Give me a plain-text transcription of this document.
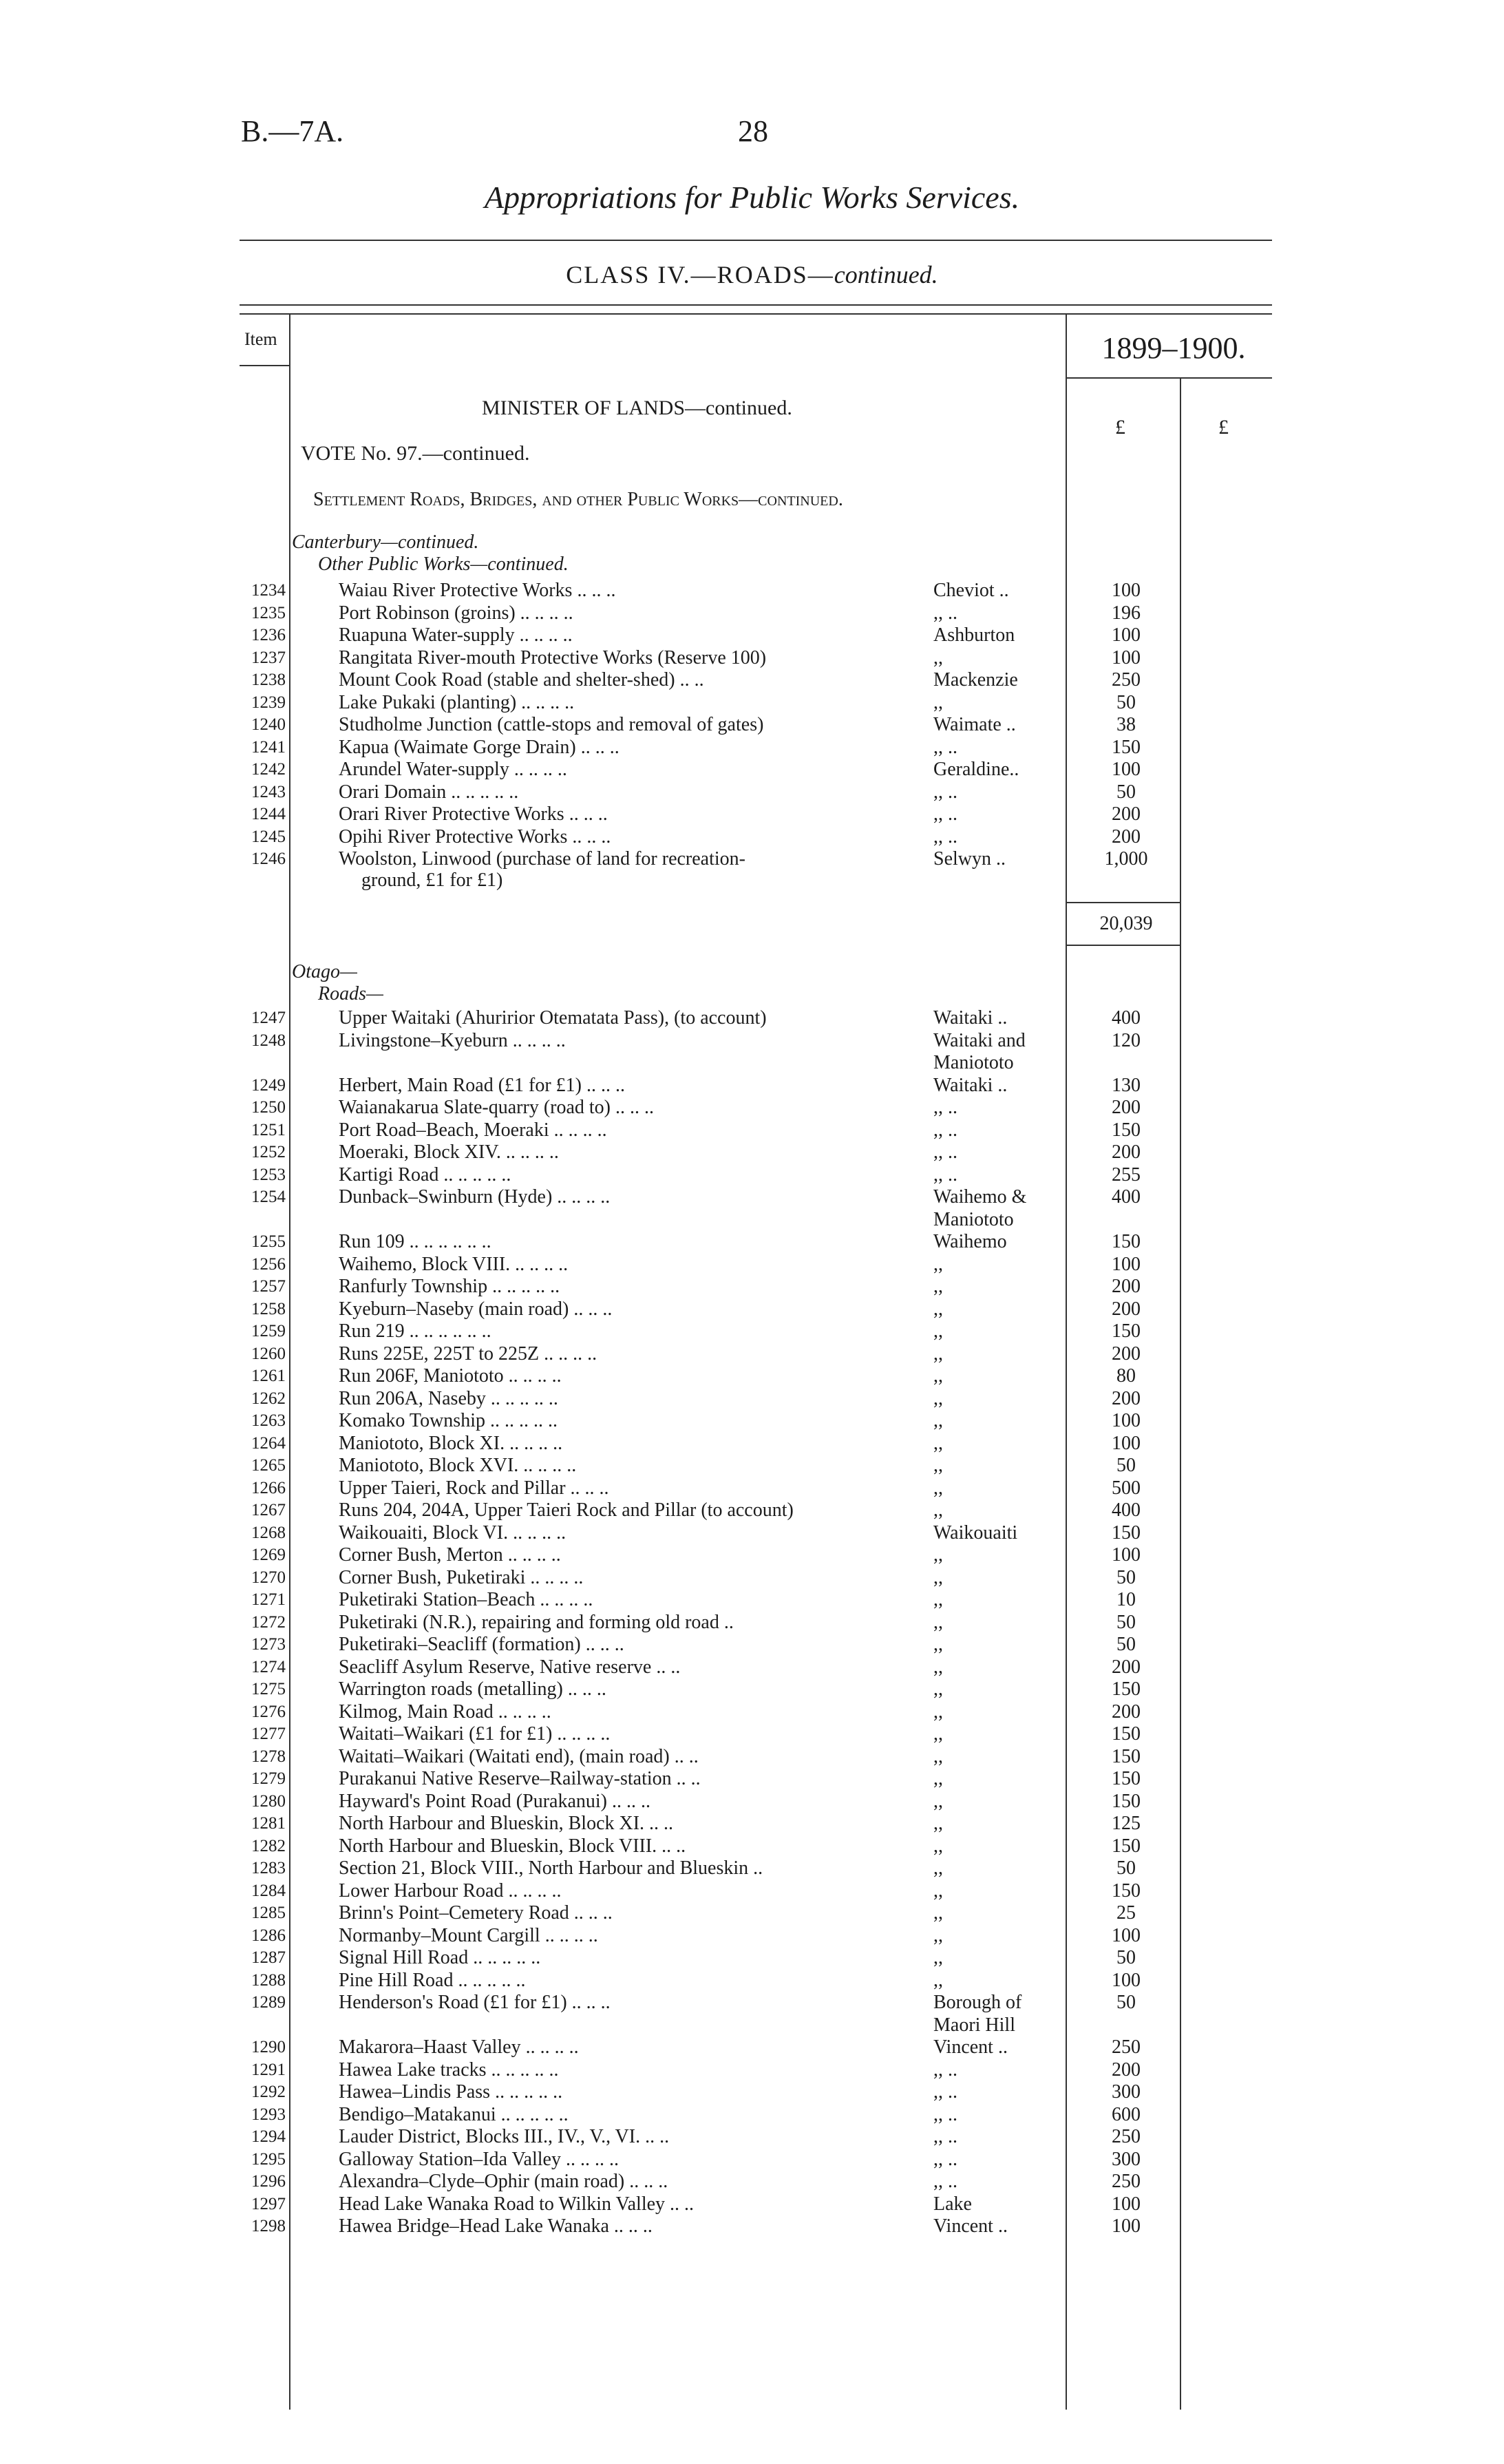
B.—7A.	28
Appropriations for Public Works Services.
CLASS IV.—ROADS—continued.
Item	1899–1900.
£	£
MINISTER OF LANDS—continued.
VOTE No. 97.—continued.
Settlement Roads, Bridges, and other Public Works—continued.
Canterbury—continued.
Other Public Works—continued.
1234	Waiau River Protective Works .. .. ..	Cheviot ..	100
1235	Port Robinson (groins) .. .. .. ..	,, ..	196
1236	Ruapuna Water-supply .. .. .. ..	Ashburton	100
1237	Rangitata River-mouth Protective Works (Reserve 100)	,,	100
1238	Mount Cook Road (stable and shelter-shed) .. ..	Mackenzie	250
1239	Lake Pukaki (planting) .. .. .. ..	,,	50
1240	Studholme Junction (cattle-stops and removal of gates)	Waimate ..	38
1241	Kapua (Waimate Gorge Drain) .. .. ..	,, ..	150
1242	Arundel Water-supply .. .. .. ..	Geraldine..	100
1243	Orari Domain .. .. .. .. ..	,, ..	50
1244	Orari River Protective Works .. .. ..	,, ..	200
1245	Opihi River Protective Works .. .. ..	,, ..	200
1246	Woolston, Linwood (purchase of land for recreation-	Selwyn ..	1,000
ground, £1 for £1)
20,039
Otago—
Roads—
1247	Upper Waitaki (Ahuririor Otematata Pass), (to account)	Waitaki ..	400
1248	Livingstone–Kyeburn .. .. .. ..	Waitaki and	120
Maniototo
1249	Herbert, Main Road (£1 for £1) .. .. ..	Waitaki ..	130
1250	Waianakarua Slate-quarry (road to) .. .. ..	,, ..	200
1251	Port Road–Beach, Moeraki .. .. .. ..	,, ..	150
1252	Moeraki, Block XIV. .. .. .. ..	,, ..	200
1253	Kartigi Road .. .. .. .. ..	,, ..	255
1254	Dunback–Swinburn (Hyde) .. .. .. ..	Waihemo &	400
Maniototo
1255	Run 109 .. .. .. .. .. ..	Waihemo	150
1256	Waihemo, Block VIII. .. .. .. ..	,,	100
1257	Ranfurly Township .. .. .. .. ..	,,	200
1258	Kyeburn–Naseby (main road) .. .. ..	,,	200
1259	Run 219 .. .. .. .. .. ..	,,	150
1260	Runs 225E, 225T to 225Z .. .. .. ..	,,	200
1261	Run 206F, Maniototo .. .. .. ..	,,	80
1262	Run 206A, Naseby .. .. .. .. ..	,,	200
1263	Komako Township .. .. .. .. ..	,,	100
1264	Maniototo, Block XI. .. .. .. ..	,,	100
1265	Maniototo, Block XVI. .. .. .. ..	,,	50
1266	Upper Taieri, Rock and Pillar .. .. ..	,,	500
1267	Runs 204, 204A, Upper Taieri Rock and Pillar (to account)	,,	400
1268	Waikouaiti, Block VI. .. .. .. ..	Waikouaiti	150
1269	Corner Bush, Merton .. .. .. ..	,,	100
1270	Corner Bush, Puketiraki .. .. .. ..	,,	50
1271	Puketiraki Station–Beach .. .. .. ..	,,	10
1272	Puketiraki (N.R.), repairing and forming old road ..	,,	50
1273	Puketiraki–Seacliff (formation) .. .. ..	,,	50
1274	Seacliff Asylum Reserve, Native reserve .. ..	,,	200
1275	Warrington roads (metalling) .. .. ..	,,	150
1276	Kilmog, Main Road .. .. .. ..	,,	200
1277	Waitati–Waikari (£1 for £1) .. .. .. ..	,,	150
1278	Waitati–Waikari (Waitati end), (main road) .. ..	,,	150
1279	Purakanui Native Reserve–Railway-station .. ..	,,	150
1280	Hayward's Point Road (Purakanui) .. .. ..	,,	150
1281	North Harbour and Blueskin, Block XI. .. ..	,,	125
1282	North Harbour and Blueskin, Block VIII. .. ..	,,	150
1283	Section 21, Block VIII., North Harbour and Blueskin ..	,,	50
1284	Lower Harbour Road .. .. .. ..	,,	150
1285	Brinn's Point–Cemetery Road .. .. ..	,,	25
1286	Normanby–Mount Cargill .. .. .. ..	,,	100
1287	Signal Hill Road .. .. .. .. ..	,,	50
1288	Pine Hill Road .. .. .. .. ..	,,	100
1289	Henderson's Road (£1 for £1) .. .. ..	Borough of	50
Maori Hill
1290	Makarora–Haast Valley .. .. .. ..	Vincent ..	250
1291	Hawea Lake tracks .. .. .. .. ..	,, ..	200
1292	Hawea–Lindis Pass .. .. .. .. ..	,, ..	300
1293	Bendigo–Matakanui .. .. .. .. ..	,, ..	600
1294	Lauder District, Blocks III., IV., V., VI. .. ..	,, ..	250
1295	Galloway Station–Ida Valley .. .. .. ..	,, ..	300
1296	Alexandra–Clyde–Ophir (main road) .. .. ..	,, ..	250
1297	Head Lake Wanaka Road to Wilkin Valley .. ..	Lake	100
1298	Hawea Bridge–Head Lake Wanaka .. .. ..	Vincent ..	100
